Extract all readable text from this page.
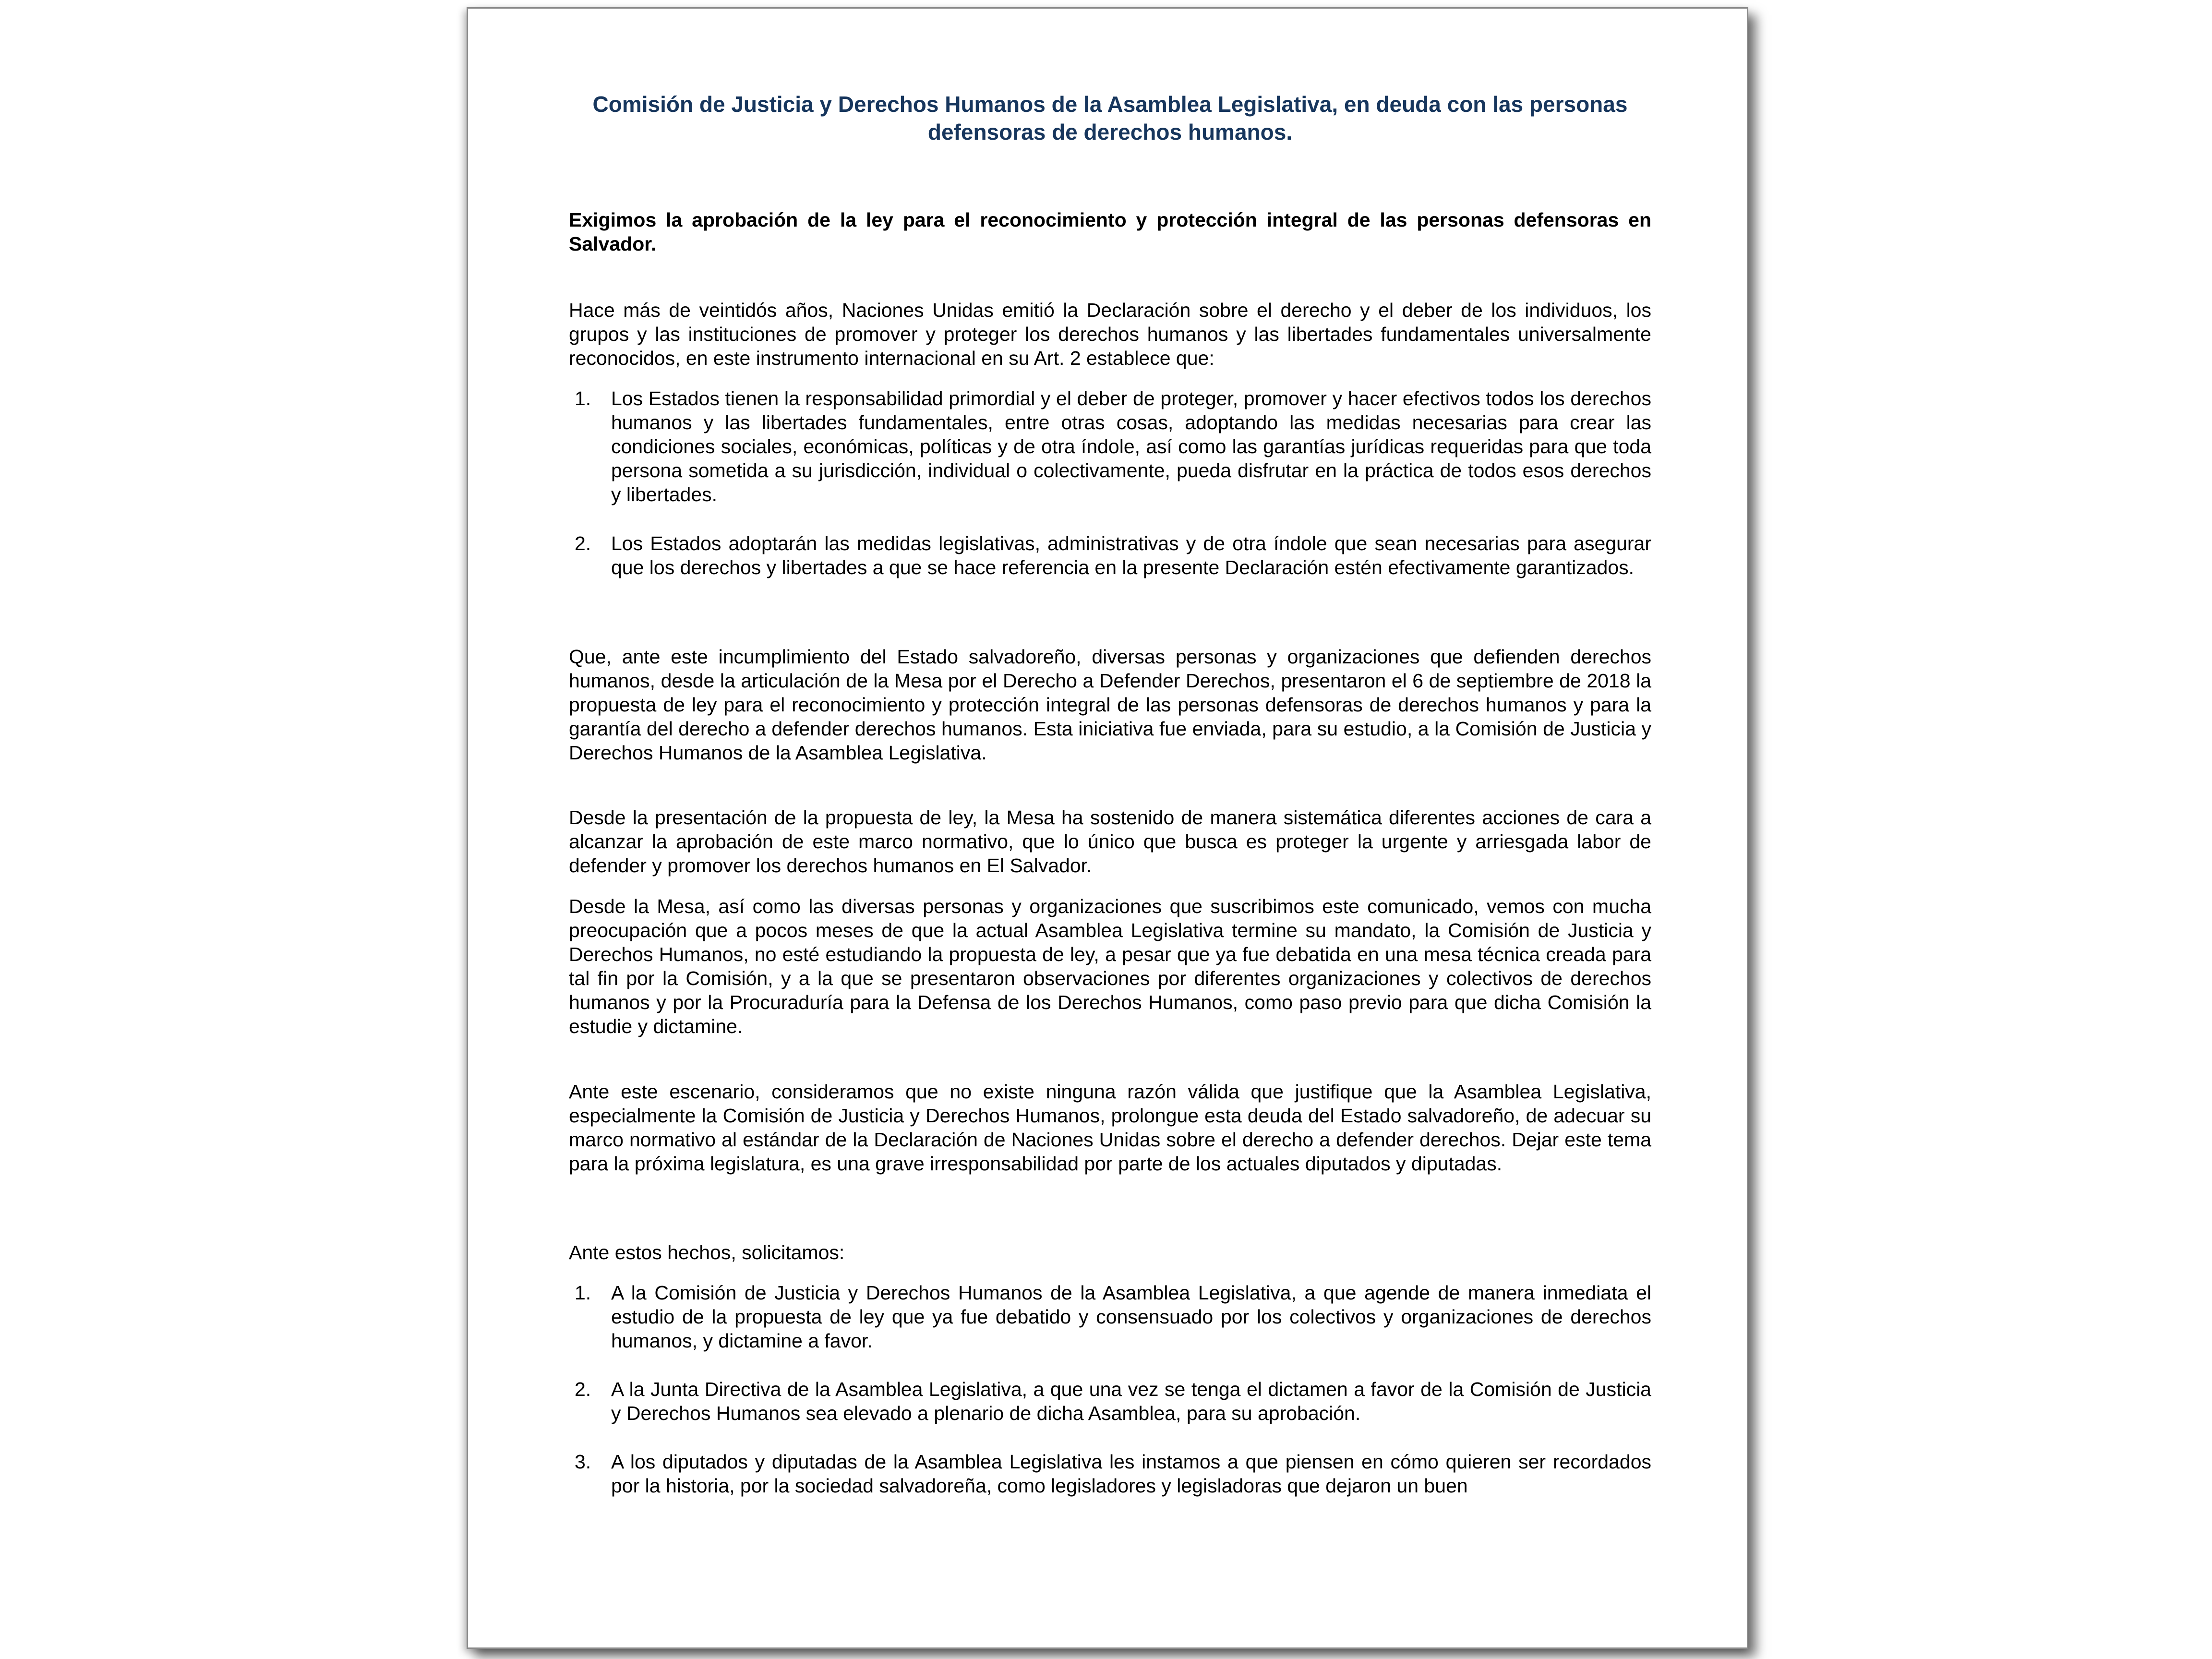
Comisión de Justicia y Derechos Humanos de la Asamblea Legislativa, en deuda con las personas defensoras de derechos humanos.

Exigimos la aprobación de la ley para el reconocimiento y protección integral de las personas defensoras en Salvador.

Hace más de veintidós años, Naciones Unidas emitió la Declaración sobre el derecho y el deber de los individuos, los grupos y las instituciones de promover y proteger los derechos humanos y las libertades fundamentales universalmente reconocidos, en este instrumento internacional en su Art. 2 establece que:

1.	Los Estados tienen la responsabilidad primordial y el deber de proteger, promover y hacer efectivos todos los derechos humanos y las libertades fundamentales, entre otras cosas, adoptando las medidas necesarias para crear las condiciones sociales, económicas, políticas y de otra índole, así como las garantías jurídicas requeridas para que toda persona sometida a su jurisdicción, individual o colectivamente, pueda disfrutar en la práctica de todos esos derechos y libertades.
2.	Los Estados adoptarán las medidas legislativas, administrativas y de otra índole que sean necesarias para asegurar que los derechos y libertades a que se hace referencia en la presente Declaración estén efectivamente garantizados.

Que, ante este incumplimiento del Estado salvadoreño, diversas personas y organizaciones que defienden derechos humanos, desde la articulación de la Mesa por el Derecho a Defender Derechos, presentaron el 6 de septiembre de 2018 la propuesta de ley para el reconocimiento y protección integral de las personas defensoras de derechos humanos y para la garantía del derecho a defender derechos humanos. Esta iniciativa fue enviada, para su estudio, a la Comisión de Justicia y Derechos Humanos de la Asamblea Legislativa.

Desde la presentación de la propuesta de ley, la Mesa ha sostenido de manera sistemática diferentes acciones de cara a alcanzar la aprobación de este marco normativo, que lo único que busca es proteger la urgente y arriesgada labor de defender y promover los derechos humanos en El Salvador.

Desde la Mesa, así como las diversas personas y organizaciones que suscribimos este comunicado, vemos con mucha preocupación que a pocos meses de que la actual Asamblea Legislativa termine su mandato, la Comisión de Justicia y Derechos Humanos, no esté estudiando la propuesta de ley, a pesar que ya fue debatida en una mesa técnica creada para tal fin por la Comisión, y a la que se presentaron observaciones por diferentes organizaciones y colectivos de derechos humanos y por la Procuraduría para la Defensa de los Derechos Humanos, como paso previo para que dicha Comisión la estudie y dictamine.

Ante este escenario, consideramos que no existe ninguna razón válida que justifique que la Asamblea Legislativa, especialmente la Comisión de Justicia y Derechos Humanos, prolongue esta deuda del Estado salvadoreño, de adecuar su marco normativo al estándar de la Declaración de Naciones Unidas sobre el derecho a defender derechos. Dejar este tema para la próxima legislatura, es una grave irresponsabilidad por parte de los actuales diputados y diputadas.

Ante estos hechos, solicitamos:

1.	A la Comisión de Justicia y Derechos Humanos de la Asamblea Legislativa, a que agende de manera inmediata el estudio de la propuesta de ley que ya fue debatido y consensuado por los colectivos y organizaciones de derechos humanos, y dictamine a favor.
2.	A la Junta Directiva de la Asamblea Legislativa, a que una vez se tenga el dictamen a favor de la Comisión de Justicia y Derechos Humanos sea elevado a plenario de dicha Asamblea, para su aprobación.
3.	A los diputados y diputadas de la Asamblea Legislativa les instamos a que piensen en cómo quieren ser recordados por la historia, por la sociedad salvadoreña, como legisladores y legisladoras que dejaron un buen
